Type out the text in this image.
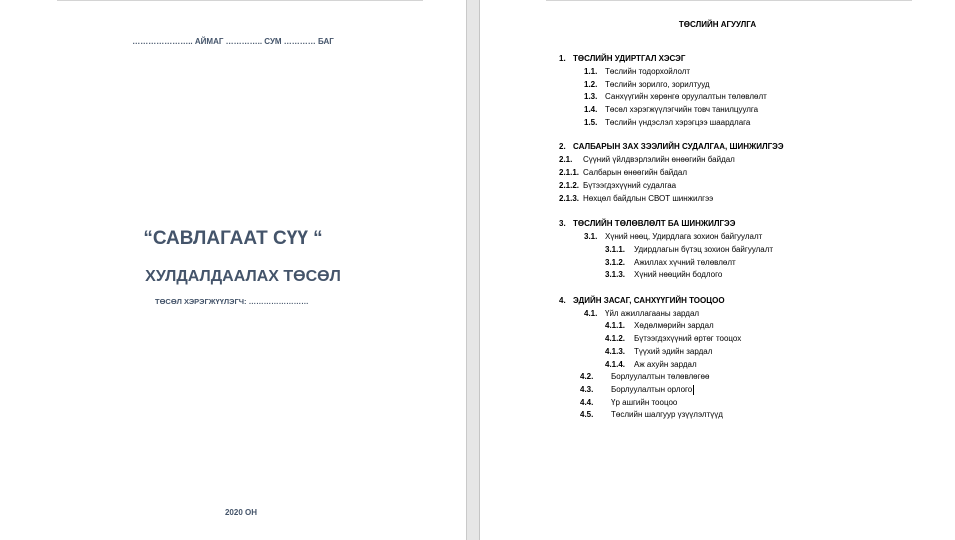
………………….. АЙМАГ ………….. СУМ ………… БАГ
“САВЛАГААТ СҮҮ “
ХУЛДАЛДААЛАХ ТӨСӨЛ
ТӨСӨЛ ХЭРЭГЖҮҮЛЭГЧ: ……………………
2020 ОН
ТӨСЛИЙН АГУУЛГА
1. ТӨСЛИЙН УДИРТГАЛ ХЭСЭГ
1.1. Төслийн тодорхойлолт
1.2. Төслийн зорилго, зорилтууд
1.3. Санхүүгийн хөрөнгө оруулалтын төлөвлөлт
1.4. Төсөл хэрэгжүүлэгчийн товч танилцуулга
1.5. Төслийн үндэслэл хэрэгцээ шаардлага
2. САЛБАРЫН ЗАХ ЗЭЭЛИЙН СУДАЛГАА, ШИНЖИЛГЭЭ
2.1. Сүүний үйлдвэрлэлийн өнөөгийн байдал
2.1.1. Салбарын өнөөгийн байдал
2.1.2. Бүтээгдэхүүний судалгаа
2.1.3. Нөхцөл байдлын СВОТ шинжилгээ
3. ТӨСЛИЙН ТӨЛӨВЛӨЛТ БА ШИНЖИЛГЭЭ
3.1. Хүний нөөц, Удирдлага зохион байгуулалт
3.1.1. Удирдлагын бүтэц зохион байгуулалт
3.1.2. Ажиллах хүчний төлөвлөлт
3.1.3. Хүний нөөцийн бодлого
4. ЭДИЙН ЗАСАГ, САНХҮҮГИЙН ТООЦОО
4.1. Үйл ажиллагааны зардал
4.1.1. Хөдөлмөрийн зардал
4.1.2. Бүтээгдэхүүний өртөг тооцох
4.1.3. Түүхий эдийн зардал
4.1.4. Аж ахуйн зардал
4.2. Борлуулалтын төлөвлөгөө
4.3. Борлуулалтын орлого
4.4. Үр ашгийн тооцоо
4.5. Төслийн шалгуур үзүүлэлтүүд
